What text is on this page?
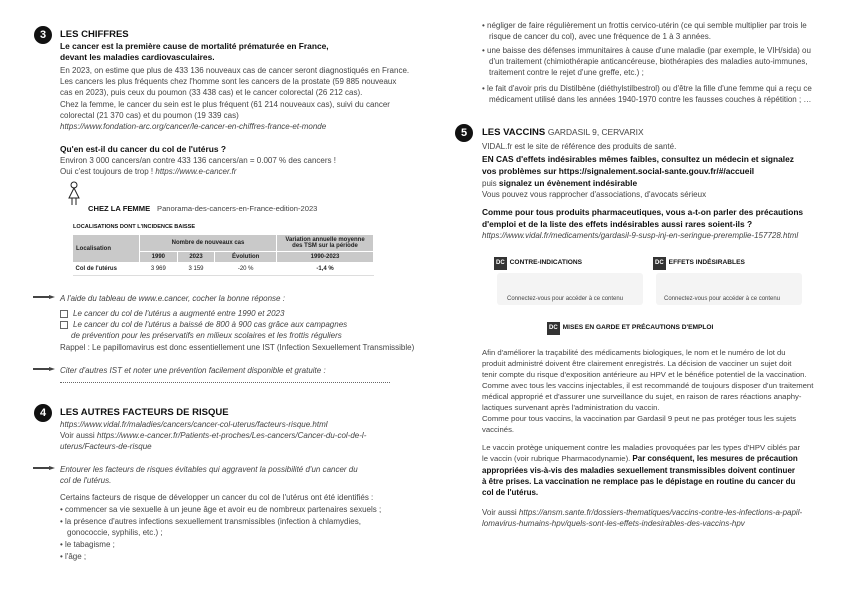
3	LES CHIFFRES
Le cancer est la première cause de mortalité prématurée en France,
devant les maladies cardiovasculaires.
En 2023, on estime que plus de 433 136 nouveaux cas de cancer seront diagnostiqués en France.
Les cancers les plus fréquents chez l'homme sont les cancers de la prostate (59 885 nouveaux
cas en 2023), puis ceux du poumon (33 438 cas) et le cancer colorectal (26 212 cas).
Chez la femme, le cancer du sein est le plus fréquent (61 214 nouveaux cas), suivi du cancer
colorectal (21 370 cas) et du poumon (19 339 cas)
https://www.fondation-arc.org/cancer/le-cancer-en-chiffres-france-et-monde
Qu'en est-il du cancer du col de l'utérus ?
Environ 3 000 cancers/an contre 433 136 cancers/an = 0.007 % des cancers !
Oui c'est toujours de trop ! https://www.e-cancer.fr
CHEZ LA FEMME Panorama-des-cancers-en-France-edition-2023
LOCALISATIONS DONT L'INCIDENCE BAISSE
Localisation	Nombre de nouveaux cas			Variation annuelle moyenne des TSM sur la période
	1990	2023	Évolution	1990-2023
Col de l'utérus	3 969	3 159	-20 %	-1,4 %
A l'aide du tableau de www.e.cancer, cocher la bonne réponse :
Le cancer du col de l'utérus a augmenté entre 1990 et 2023
Le cancer du col de l'utérus a baissé de 800 à 900 cas grâce aux campagnes
de prévention pour les préservatifs en milieux scolaires et les frottis réguliers
Rappel : Le papillomavirus est donc essentiellement une IST (Infection Sexuellement Transmissible)
Citer d'autres IST et noter une prévention facilement disponible et gratuite :
4	LES AUTRES FACTEURS DE RISQUE
https://www.vidal.fr/maladies/cancers/cancer-col-uterus/facteurs-risque.html
Voir aussi https://www.e-cancer.fr/Patients-et-proches/Les-cancers/Cancer-du-col-de-l-
uterus/Facteurs-de-risque
Entourer les facteurs de risques évitables qui aggravent la possibilité d'un cancer du
col de l'utérus.
Certains facteurs de risque de développer un cancer du col de l'utérus ont été identifiés :
• commencer sa vie sexuelle à un jeune âge et avoir eu de nombreux partenaires sexuels ;
• la présence d'autres infections sexuellement transmissibles (infection à chlamydies,
gonococcie, syphilis, etc.) ;
• le tabagisme ;
• l'âge ;
• négliger de faire régulièrement un frottis cervico-utérin (ce qui semble multiplier par trois le
risque de cancer du col), avec une fréquence de 1 à 3 années.
• une baisse des défenses immunitaires à cause d'une maladie (par exemple, le VIH/sida) ou
d'un traitement (chimiothérapie anticancéreuse, biothérapies des maladies auto-immunes,
traitement contre le rejet d'une greffe, etc.) ;
• le fait d'avoir pris du Distilbène (diéthylstilbestrol) ou d'être la fille d'une femme qui a reçu ce
médicament utilisé dans les années 1940-1970 contre les fausses couches à répétition ; …
5	LES VACCINS GARDASIL 9, CERVARIX
VIDAL.fr est le site de référence des produits de santé.
EN CAS d'effets indésirables mêmes faibles, consultez un médecin et signalez
vos problèmes sur https://signalement.social-sante.gouv.fr/#/accueil
puis signalez un évènement indésirable
Vous pouvez vous rapprocher d'associations, d'avocats sérieux
Comme pour tous produits pharmaceutiques, vous a-t-on parler des précautions
d'emploi et de la liste des effets indésirables aussi rares soient-ils ?
https://www.vidal.fr/medicaments/gardasil-9-susp-inj-en-seringue-preremplie-157728.html
DC CONTRE-INDICATIONS
Connectez-vous pour accéder à ce contenu
DC EFFETS INDÉSIRABLES
Connectez-vous pour accéder à ce contenu
DC MISES EN GARDE ET PRÉCAUTIONS D'EMPLOI
Afin d'améliorer la traçabilité des médicaments biologiques, le nom et le numéro de lot du
produit administré doivent être clairement enregistrés. La décision de vacciner un sujet doit
tenir compte du risque d'exposition antérieure au HPV et le bénéfice potentiel de la vaccination.
Comme avec tous les vaccins injectables, il est recommandé de toujours disposer d'un traitement
médical approprié et d'assurer une surveillance du sujet, en raison de rares réactions anaphy-
lactiques survenant après l'administration du vaccin.
Comme pour tous vaccins, la vaccination par Gardasil 9 peut ne pas protéger tous les sujets
vaccinés.
Le vaccin protège uniquement contre les maladies provoquées par les types d'HPV ciblés par
le vaccin (voir rubrique Pharmacodynamie). Par conséquent, les mesures de précaution
appropriées vis-à-vis des maladies sexuellement transmissibles doivent continuer
à être prises. La vaccination ne remplace pas le dépistage en routine du cancer du
col de l'utérus.
Voir aussi https://ansm.sante.fr/dossiers-thematiques/vaccins-contre-les-infections-a-papil-
lomavirus-humains-hpv/quels-sont-les-effets-indesirables-des-vaccins-hpv
